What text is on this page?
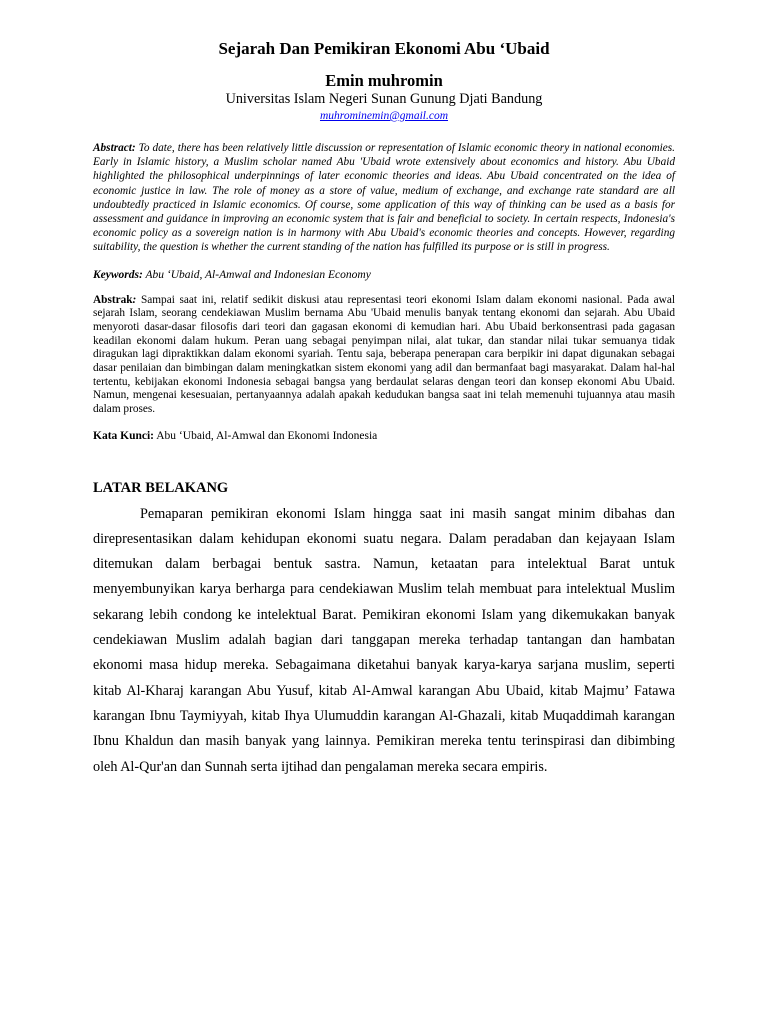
Sejarah Dan Pemikiran Ekonomi Abu ‘Ubaid

Emin muhromin

Universitas Islam Negeri Sunan Gunung Djati Bandung

muhrominemin@gmail.com

Abstract: To date, there has been relatively little discussion or representation of Islamic economic theory in national economies. Early in Islamic history, a Muslim scholar named Abu 'Ubaid wrote extensively about economics and history. Abu Ubaid highlighted the philosophical underpinnings of later economic theories and ideas. Abu Ubaid concentrated on the idea of economic justice in law. The role of money as a store of value, medium of exchange, and exchange rate standard are all undoubtedly practiced in Islamic economics. Of course, some application of this way of thinking can be used as a basis for assessment and guidance in improving an economic system that is fair and beneficial to society. In certain respects, Indonesia's economic policy as a sovereign nation is in harmony with Abu Ubaid's economic theories and concepts. However, regarding suitability, the question is whether the current standing of the nation has fulfilled its purpose or is still in progress.

Keywords: Abu ‘Ubaid, Al-Amwal and Indonesian Economy

Abstrak: Sampai saat ini, relatif sedikit diskusi atau representasi teori ekonomi Islam dalam ekonomi nasional. Pada awal sejarah Islam, seorang cendekiawan Muslim bernama Abu 'Ubaid menulis banyak tentang ekonomi dan sejarah. Abu Ubaid menyoroti dasar-dasar filosofis dari teori dan gagasan ekonomi di kemudian hari. Abu Ubaid berkonsentrasi pada gagasan keadilan ekonomi dalam hukum. Peran uang sebagai penyimpan nilai, alat tukar, dan standar nilai tukar semuanya tidak diragukan lagi dipraktikkan dalam ekonomi syariah. Tentu saja, beberapa penerapan cara berpikir ini dapat digunakan sebagai dasar penilaian dan bimbingan dalam meningkatkan sistem ekonomi yang adil dan bermanfaat bagi masyarakat. Dalam hal-hal tertentu, kebijakan ekonomi Indonesia sebagai bangsa yang berdaulat selaras dengan teori dan konsep ekonomi Abu Ubaid. Namun, mengenai kesesuaian, pertanyaannya adalah apakah kedudukan bangsa saat ini telah memenuhi tujuannya atau masih dalam proses.

Kata Kunci: Abu ‘Ubaid, Al-Amwal dan Ekonomi Indonesia

LATAR BELAKANG

Pemaparan pemikiran ekonomi Islam hingga saat ini masih sangat minim dibahas dan direpresentasikan dalam kehidupan ekonomi suatu negara. Dalam peradaban dan kejayaan Islam ditemukan dalam berbagai bentuk sastra. Namun, ketaatan para intelektual Barat untuk menyembunyikan karya berharga para cendekiawan Muslim telah membuat para intelektual Muslim sekarang lebih condong ke intelektual Barat. Pemikiran ekonomi Islam yang dikemukakan banyak cendekiawan Muslim adalah bagian dari tanggapan mereka terhadap tantangan dan hambatan ekonomi masa hidup mereka. Sebagaimana diketahui banyak karya-karya sarjana muslim, seperti kitab Al-Kharaj karangan Abu Yusuf, kitab Al-Amwal karangan Abu Ubaid, kitab Majmu’ Fatawa karangan Ibnu Taymiyyah, kitab Ihya Ulumuddin karangan Al-Ghazali, kitab Muqaddimah karangan Ibnu Khaldun dan masih banyak yang lainnya. Pemikiran mereka tentu terinspirasi dan dibimbing oleh Al-Qur'an dan Sunnah serta ijtihad dan pengalaman mereka secara empiris.
